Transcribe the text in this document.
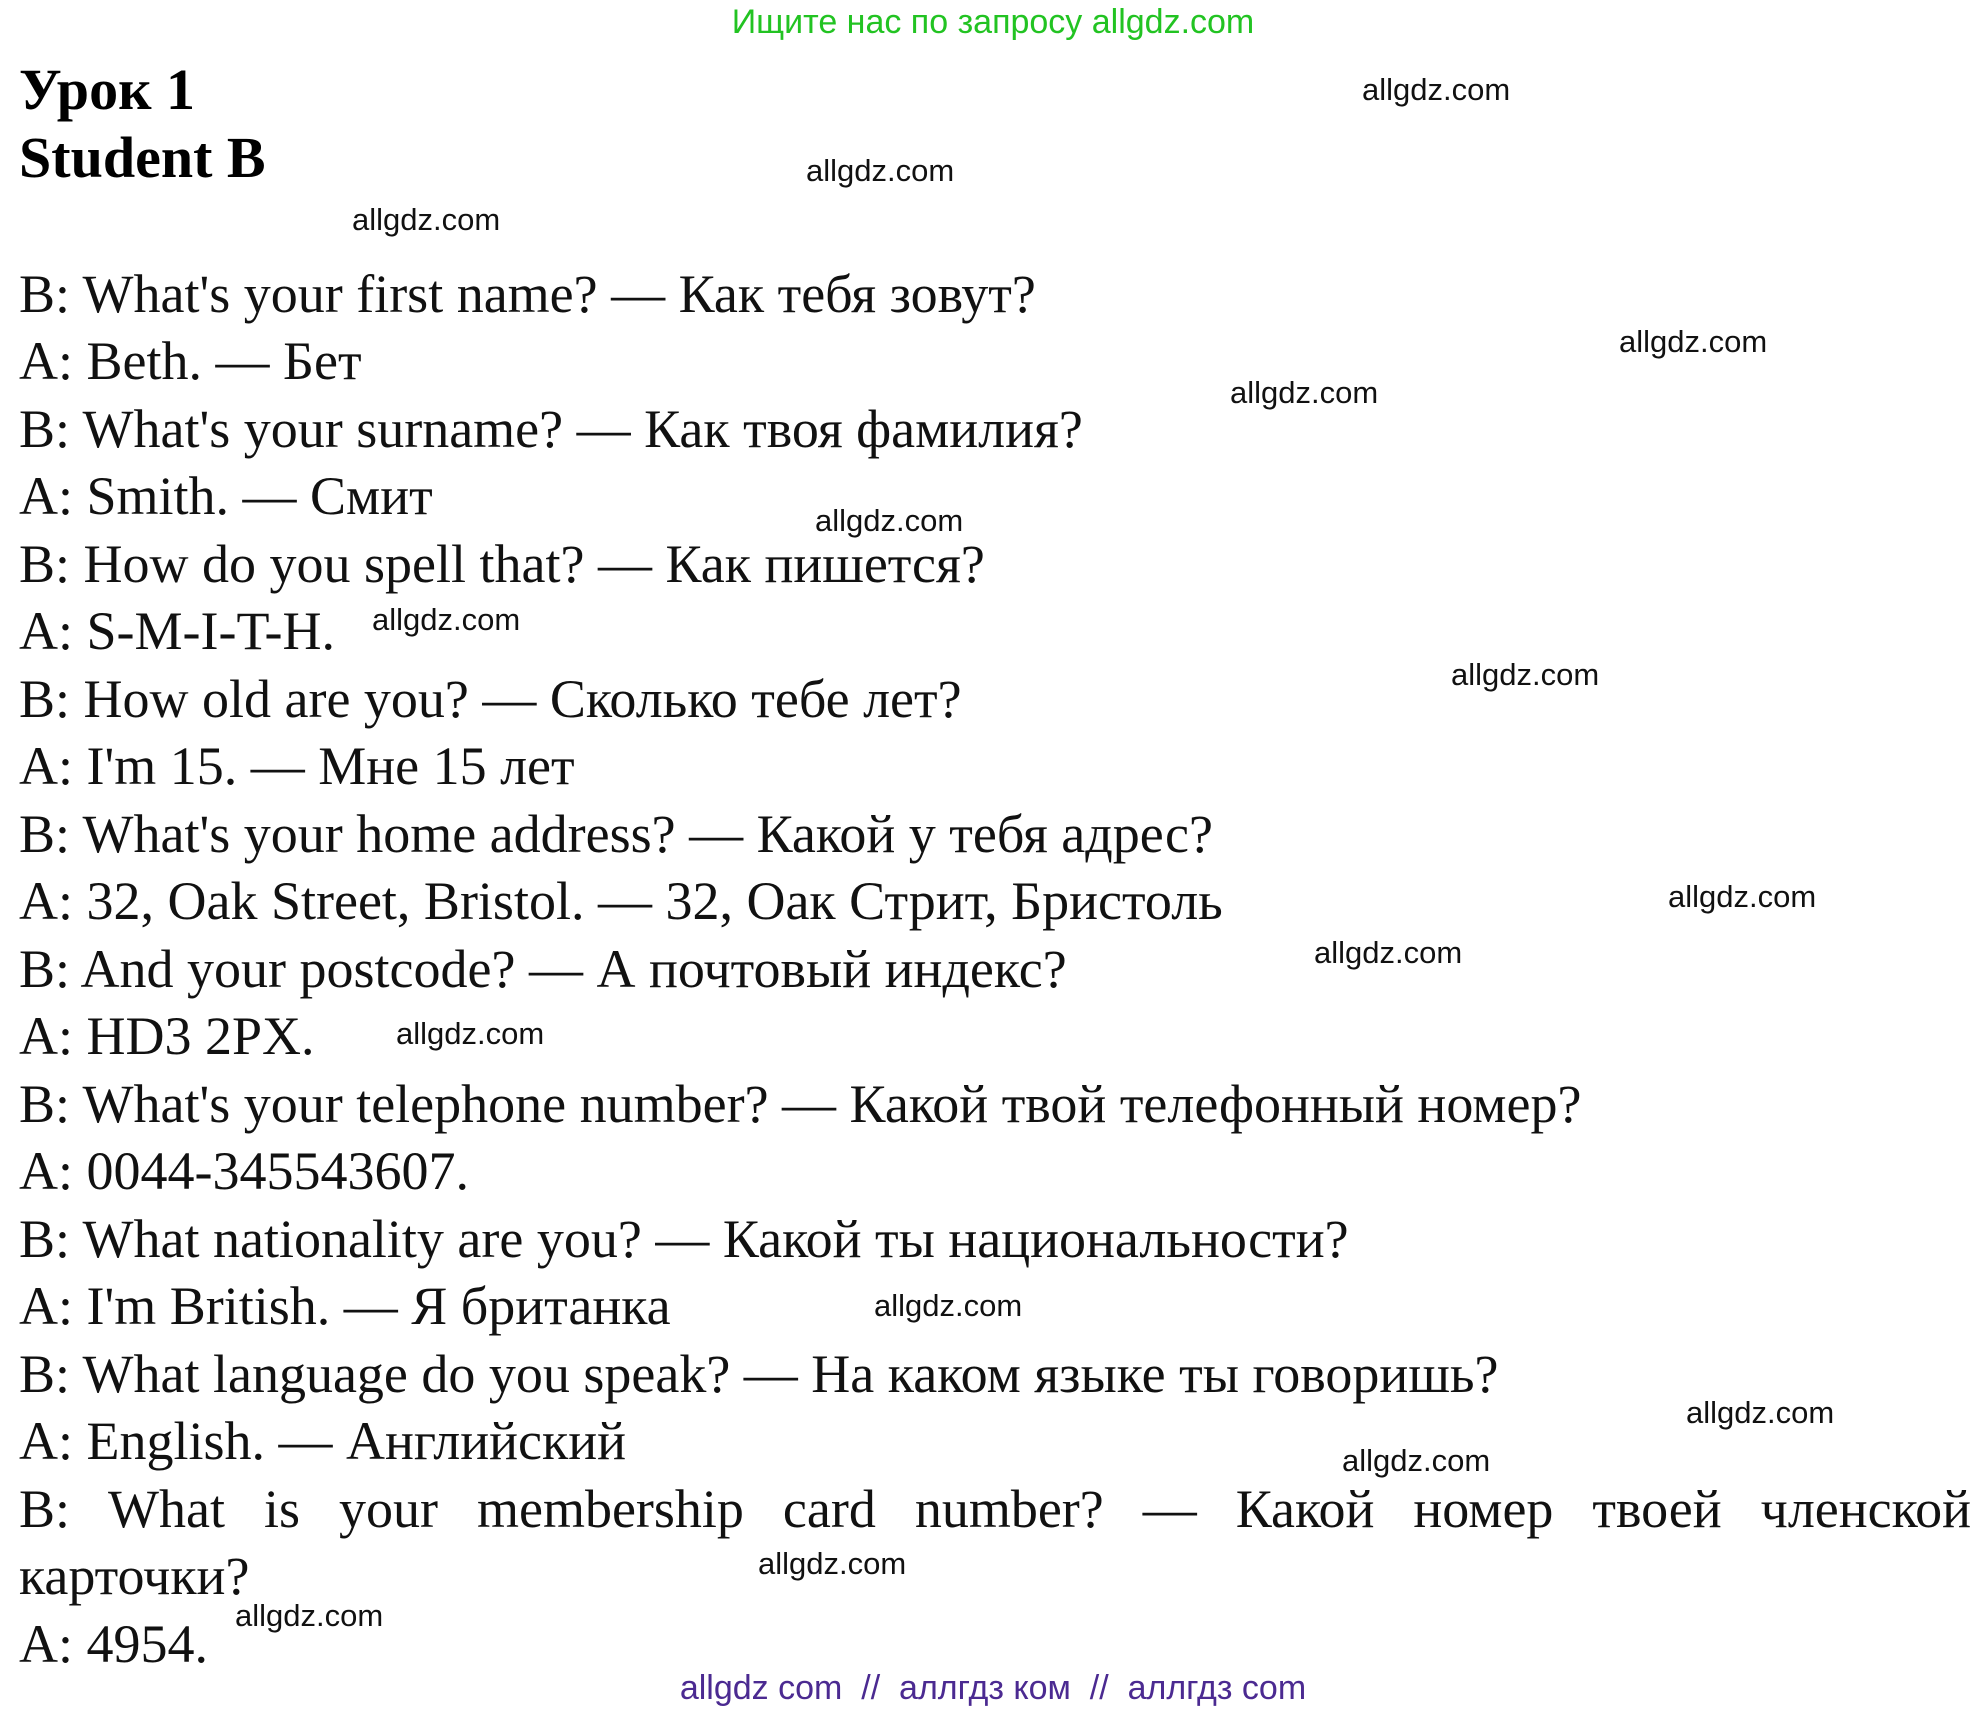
Ищите нас по запросу allgdz.com
Урок 1
Student B
B: What's your first name? — Как тебя зовут?
A: Beth. — Бет
B: What's your surname? — Как твоя фамилия?
A: Smith. — Смит
B: How do you spell that? — Как пишется?
A: S-M-I-T-H.
B: How old are you? — Сколько тебе лет?
A: I'm 15. — Мне 15 лет
B: What's your home address? — Какой у тебя адрес?
A: 32, Oak Street, Bristol. — 32, Оак Стрит, Бристоль
B: And your postcode? — А почтовый индекс?
A: HD3 2PX.
B: What's your telephone number? — Какой твой телефонный номер?
A: 0044-345543607.
B: What nationality are you? — Какой ты национальности?
A: I'm British. — Я британка
B: What language do you speak? — На каком языке ты говоришь?
A: English. — Английский
B: What is your membership card number? — Какой номер твоей членской
карточки?
A: 4954.
allgdz.com
allgdz.com
allgdz.com
allgdz.com
allgdz.com
allgdz.com
allgdz.com
allgdz.com
allgdz.com
allgdz.com
allgdz.com
allgdz.com
allgdz.com
allgdz.com
allgdz.com
allgdz.com
allgdz com  //  аллгдз ком  //  аллгдз com
